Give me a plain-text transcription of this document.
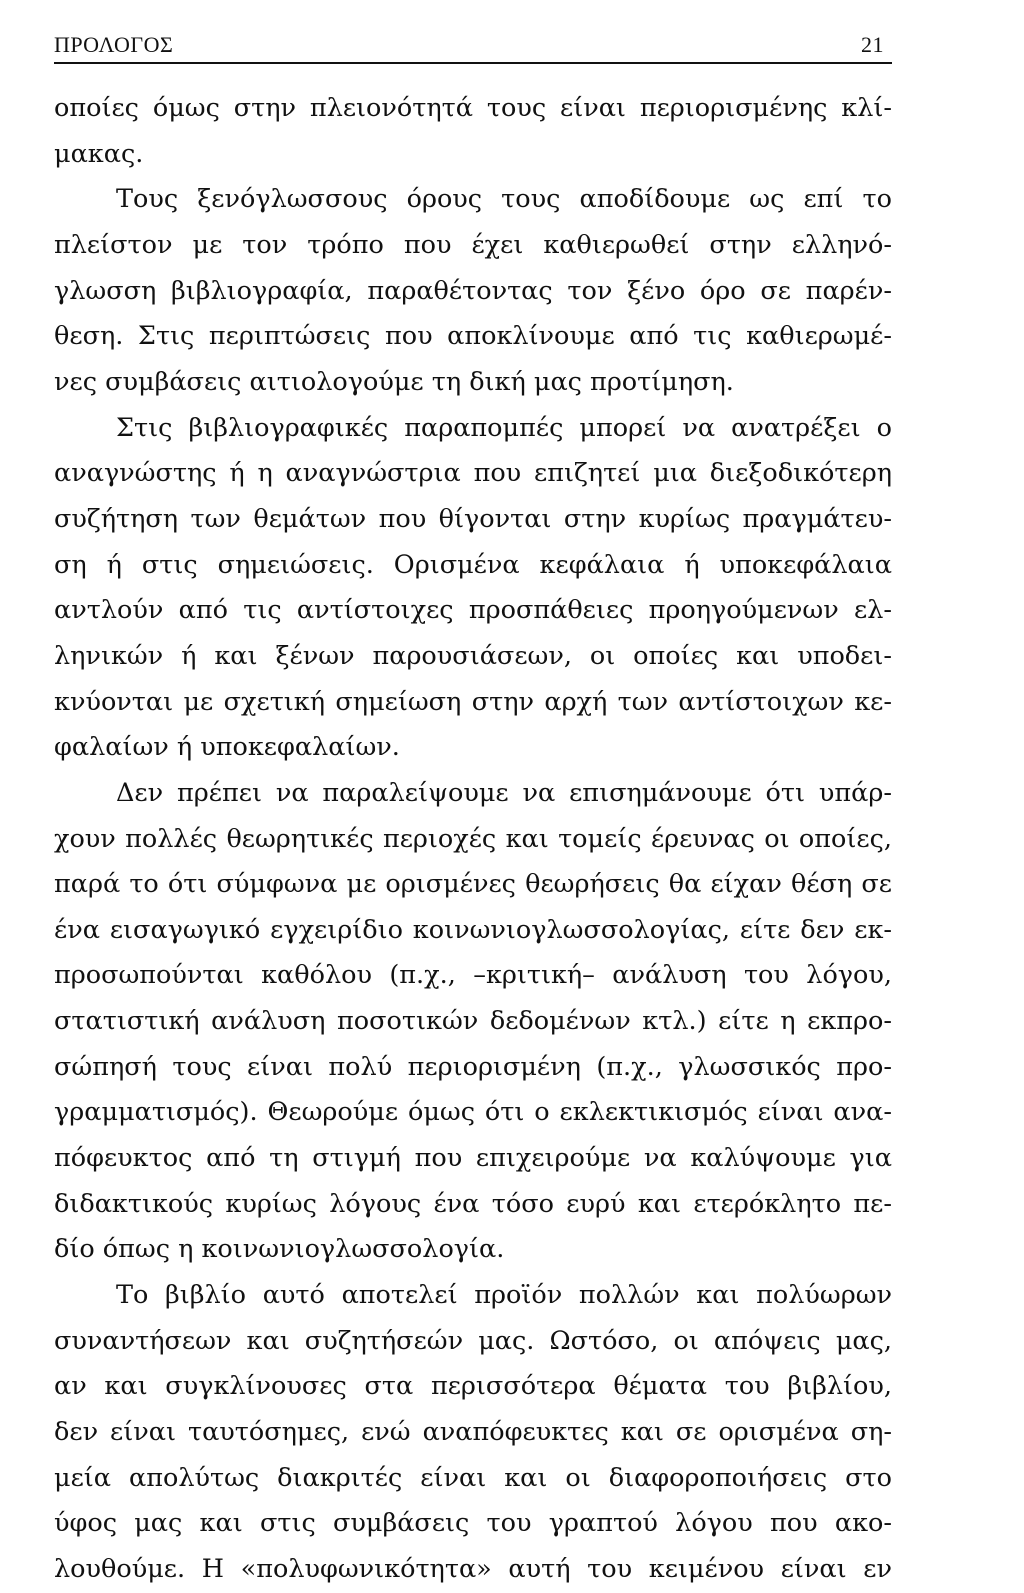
ΠΡΟΛΟΓΟΣ	21
οποίες όμως στην πλειονότητά τους είναι περιορισμένης κλί-
μακας.
Τους ξενόγλωσσους όρους τους αποδίδουμε ως επί το
πλείστον με τον τρόπο που έχει καθιερωθεί στην ελληνό-
γλωσση βιβλιογραφία, παραθέτοντας τον ξένο όρο σε παρέν-
θεση. Στις περιπτώσεις που αποκλίνουμε από τις καθιερωμέ-
νες συμβάσεις αιτιολογούμε τη δική μας προτίμηση.
Στις βιβλιογραφικές παραπομπές μπορεί να ανατρέξει ο
αναγνώστης ή η αναγνώστρια που επιζητεί μια διεξοδικότερη
συζήτηση των θεμάτων που θίγονται στην κυρίως πραγμάτευ-
ση ή στις σημειώσεις. Ορισμένα κεφάλαια ή υποκεφάλαια
αντλούν από τις αντίστοιχες προσπάθειες προηγούμενων ελ-
ληνικών ή και ξένων παρουσιάσεων, οι οποίες και υποδει-
κνύονται με σχετική σημείωση στην αρχή των αντίστοιχων κε-
φαλαίων ή υποκεφαλαίων.
Δεν πρέπει να παραλείψουμε να επισημάνουμε ότι υπάρ-
χουν πολλές θεωρητικές περιοχές και τομείς έρευνας οι οποίες,
παρά το ότι σύμφωνα με ορισμένες θεωρήσεις θα είχαν θέση σε
ένα εισαγωγικό εγχειρίδιο κοινωνιογλωσσολογίας, είτε δεν εκ-
προσωπούνται καθόλου (π.χ., –κριτική– ανάλυση του λόγου,
στατιστική ανάλυση ποσοτικών δεδομένων κτλ.) είτε η εκπρο-
σώπησή τους είναι πολύ περιορισμένη (π.χ., γλωσσικός προ-
γραμματισμός). Θεωρούμε όμως ότι ο εκλεκτικισμός είναι ανα-
πόφευκτος από τη στιγμή που επιχειρούμε να καλύψουμε για
διδακτικούς κυρίως λόγους ένα τόσο ευρύ και ετερόκλητο πε-
δίο όπως η κοινωνιογλωσσολογία.
Το βιβλίο αυτό αποτελεί προϊόν πολλών και πολύωρων
συναντήσεων και συζητήσεών μας. Ωστόσο, οι απόψεις μας,
αν και συγκλίνουσες στα περισσότερα θέματα του βιβλίου,
δεν είναι ταυτόσημες, ενώ αναπόφευκτες και σε ορισμένα ση-
μεία απολύτως διακριτές είναι και οι διαφοροποιήσεις στο
ύφος μας και στις συμβάσεις του γραπτού λόγου που ακο-
λουθούμε. Η «πολυφωνικότητα» αυτή του κειμένου είναι εν
